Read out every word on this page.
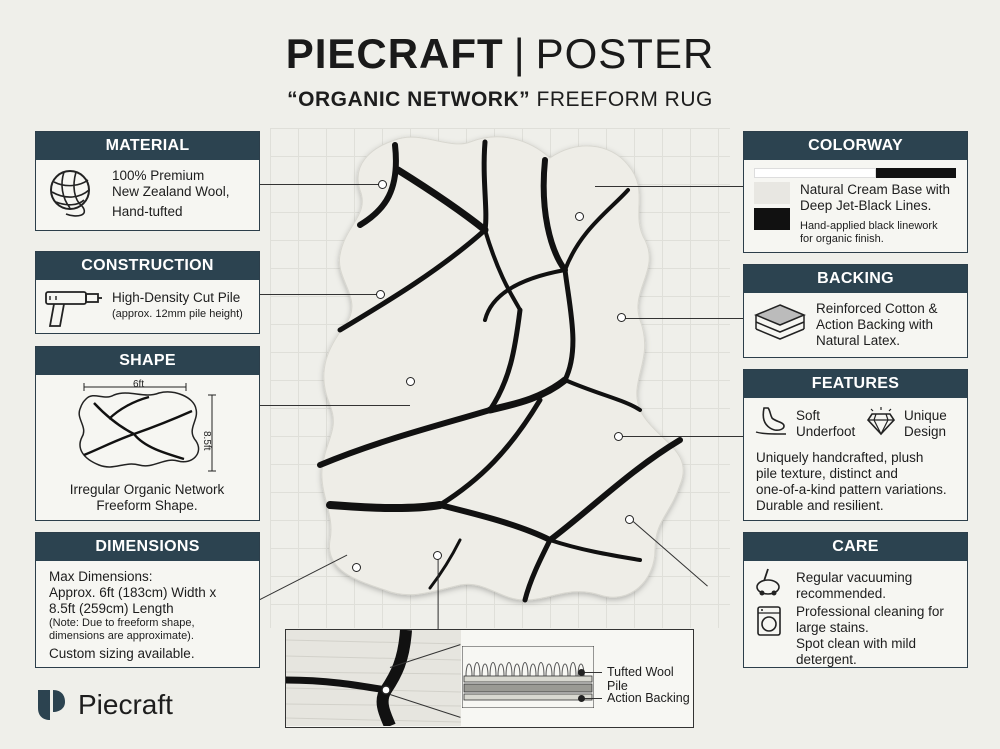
PIECRAFT | POSTER
“ORGANIC NETWORK” FREEFORM RUG
MATERIAL
100% Premium
New Zealand Wool,
Hand-tufted
CONSTRUCTION
High-Density Cut Pile
(approx. 12mm pile height)
SHAPE
6ft
8.5ft
Irregular Organic Network
Freeform Shape.
DIMENSIONS
Max Dimensions:
Approx. 6ft (183cm) Width x
8.5ft (259cm) Length
(Note: Due to freeform shape,
dimensions are approximate).
Custom sizing available.
COLORWAY
Natural Cream Base with
Deep Jet-Black Lines.
Hand-applied black linework
for organic finish.
BACKING
Reinforced Cotton &
Action Backing with
Natural Latex.
FEATURES
Soft
Underfoot
Unique
Design
Uniquely handcrafted, plush
pile texture, distinct and
one-of-a-kind pattern variations.
Durable and resilient.
CARE
Regular vacuuming
recommended.
Professional cleaning for
large stains.
Spot clean with mild
detergent.
Tufted Wool Pile
Action Backing
Piecraft
